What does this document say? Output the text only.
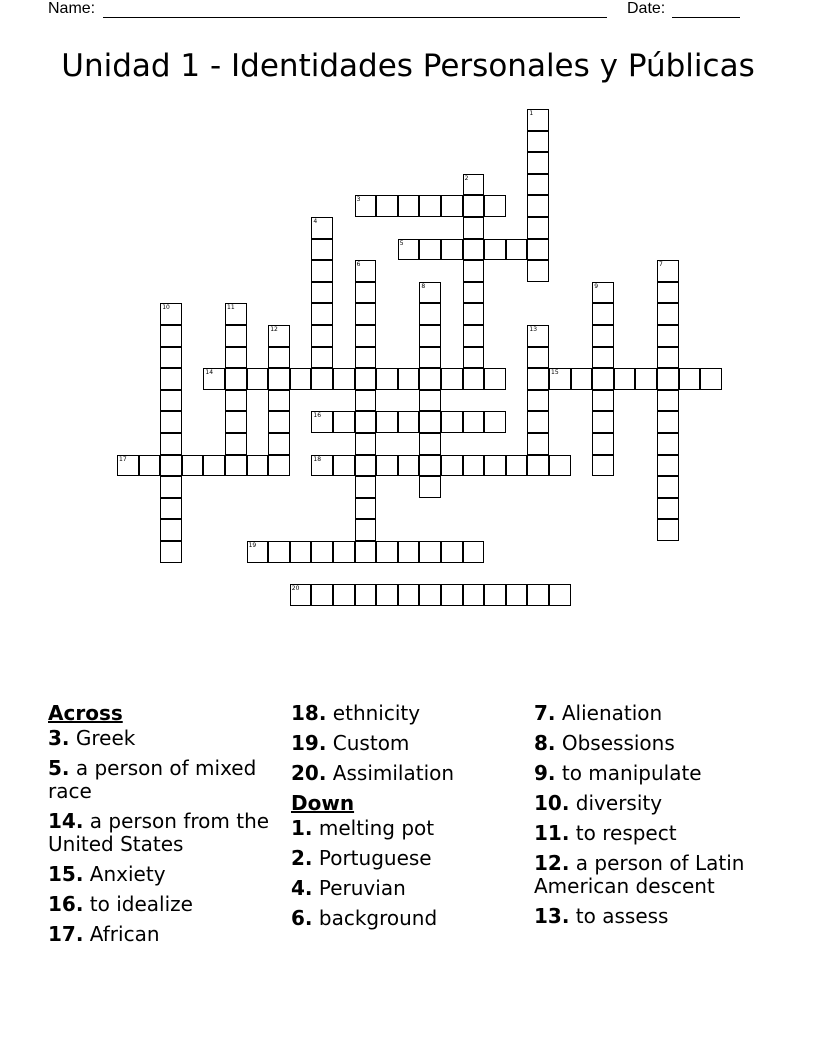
Name:	Date:
Unidad 1 - Identidades Personales y Públicas
3
5
14	15
16
17	18
19
20
1
2
4
6	7
8	9
10	11
12	13
Across
3. Greek
5. a person of mixed race
14. a person from the United States
15. Anxiety
16. to idealize
17. African
18. ethnicity
19. Custom
20. Assimilation
Down
1. melting pot
2. Portuguese
4. Peruvian
6. background
7. Alienation
8. Obsessions
9. to manipulate
10. diversity
11. to respect
12. a person of Latin American descent
13. to assess
